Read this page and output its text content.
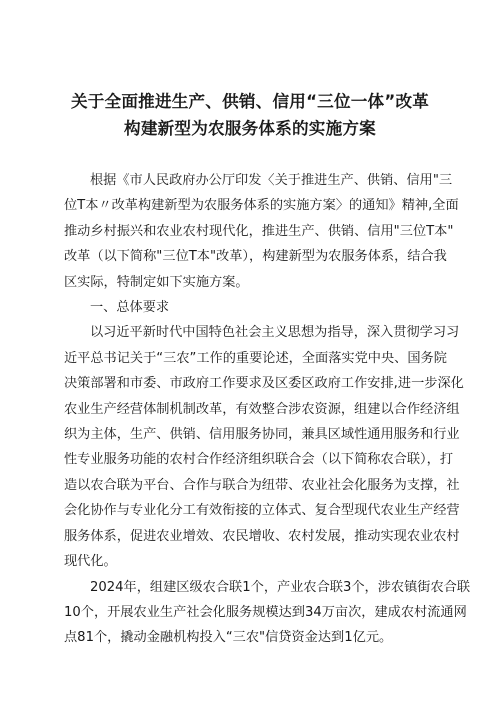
关于全面推进生产、供销、信用“三位一体”改革
构建新型为农服务体系的实施方案

根据《市人民政府办公厅印发〈关于推进生产、供销、信用"三
位T本〃改革构建新型为农服务体系的实施方案〉的通知》精神,全面
推动乡村振兴和农业农村现代化，推进生产、供销、信用"三位T本"
改革（以下简称"三位T本"改革），构建新型为农服务体系，结合我
区实际，特制定如下实施方案。

一、总体要求

以习近平新时代中国特色社会主义思想为指导，深入贯彻学习习
近平总书记关于“三农”工作的重要论述，全面落实党中央、国务院
决策部署和市委、市政府工作要求及区委区政府工作安排,进一步深化
农业生产经营体制机制改革，有效整合涉农资源，组建以合作经济组
织为主体，生产、供销、信用服务协同，兼具区域性通用服务和行业
性专业服务功能的农村合作经济组织联合会（以下简称农合联），打
造以农合联为平台、合作与联合为纽带、农业社会化服务为支撑，社
会化协作与专业化分工有效衔接的立体式、复合型现代农业生产经营
服务体系，促进农业增效、农民增收、农村发展，推动实现农业农村
现代化。

2024年，组建区级农合联1个，产业农合联3个，涉农镇街农合联
10个，开展农业生产社会化服务规模达到34万亩次，建成农村流通网
点81个，撬动金融机构投入“三农"信贷资金达到1亿元。
